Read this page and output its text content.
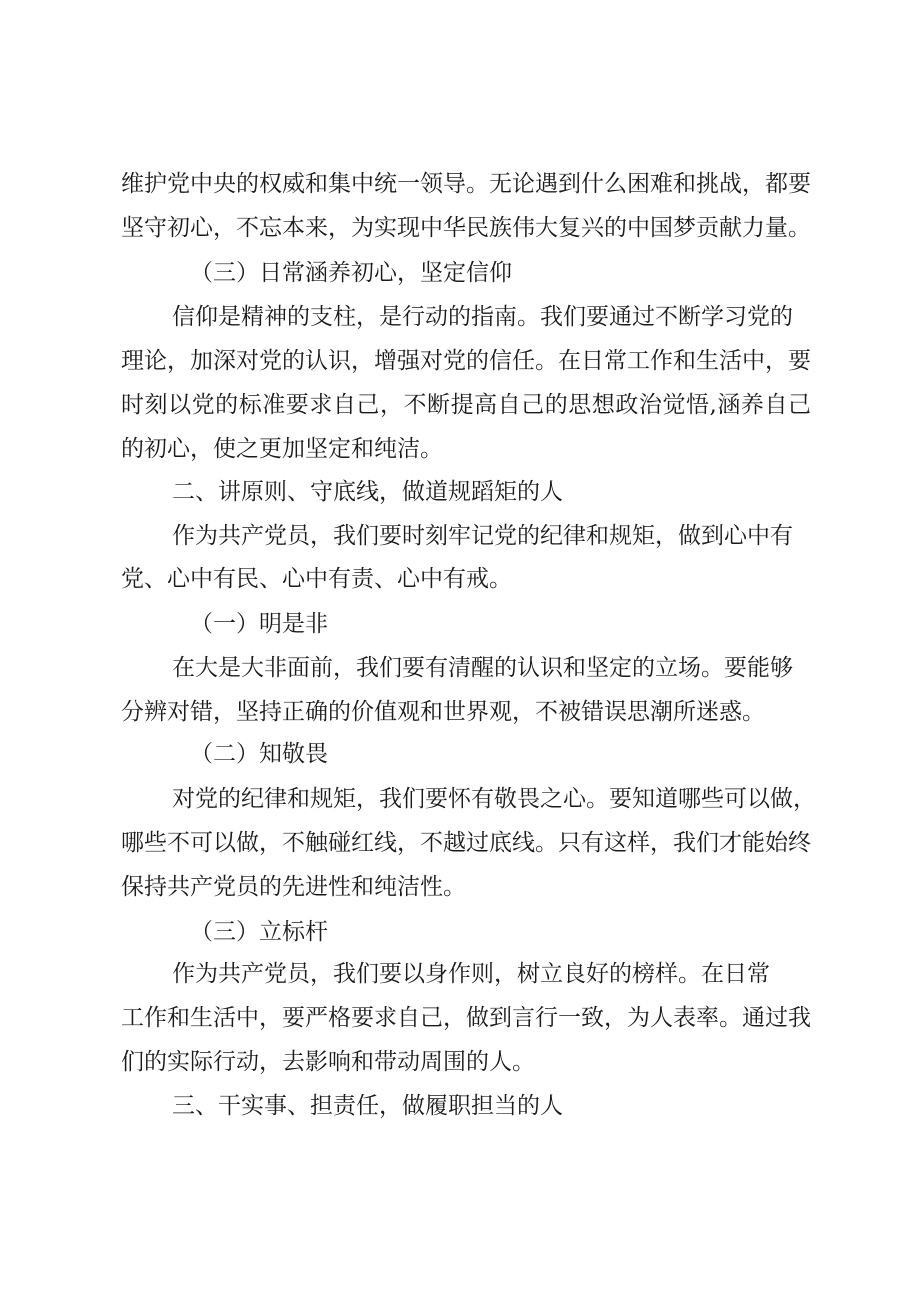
维护党中央的权威和集中统一领导。无论遇到什么困难和挑战，都要
坚守初心，不忘本来，为实现中华民族伟大复兴的中国梦贡献力量。
（三）日常涵养初心，坚定信仰
信仰是精神的支柱，是行动的指南。我们要通过不断学习党的
理论，加深对党的认识，增强对党的信任。在日常工作和生活中，要
时刻以党的标准要求自己，不断提高自己的思想政治觉悟,涵养自己
的初心，使之更加坚定和纯洁。
二、讲原则、守底线，做道规蹈矩的人
作为共产党员，我们要时刻牢记党的纪律和规矩，做到心中有
党、心中有民、心中有责、心中有戒。
（一）明是非
在大是大非面前，我们要有清醒的认识和坚定的立场。要能够
分辨对错，坚持正确的价值观和世界观，不被错误思潮所迷惑。
（二）知敬畏
对党的纪律和规矩，我们要怀有敬畏之心。要知道哪些可以做，
哪些不可以做，不触碰红线，不越过底线。只有这样，我们才能始终
保持共产党员的先进性和纯洁性。
（三）立标杆
作为共产党员，我们要以身作则，树立良好的榜样。在日常
工作和生活中，要严格要求自己，做到言行一致，为人表率。通过我
们的实际行动，去影响和带动周围的人。
三、干实事、担责任，做履职担当的人
